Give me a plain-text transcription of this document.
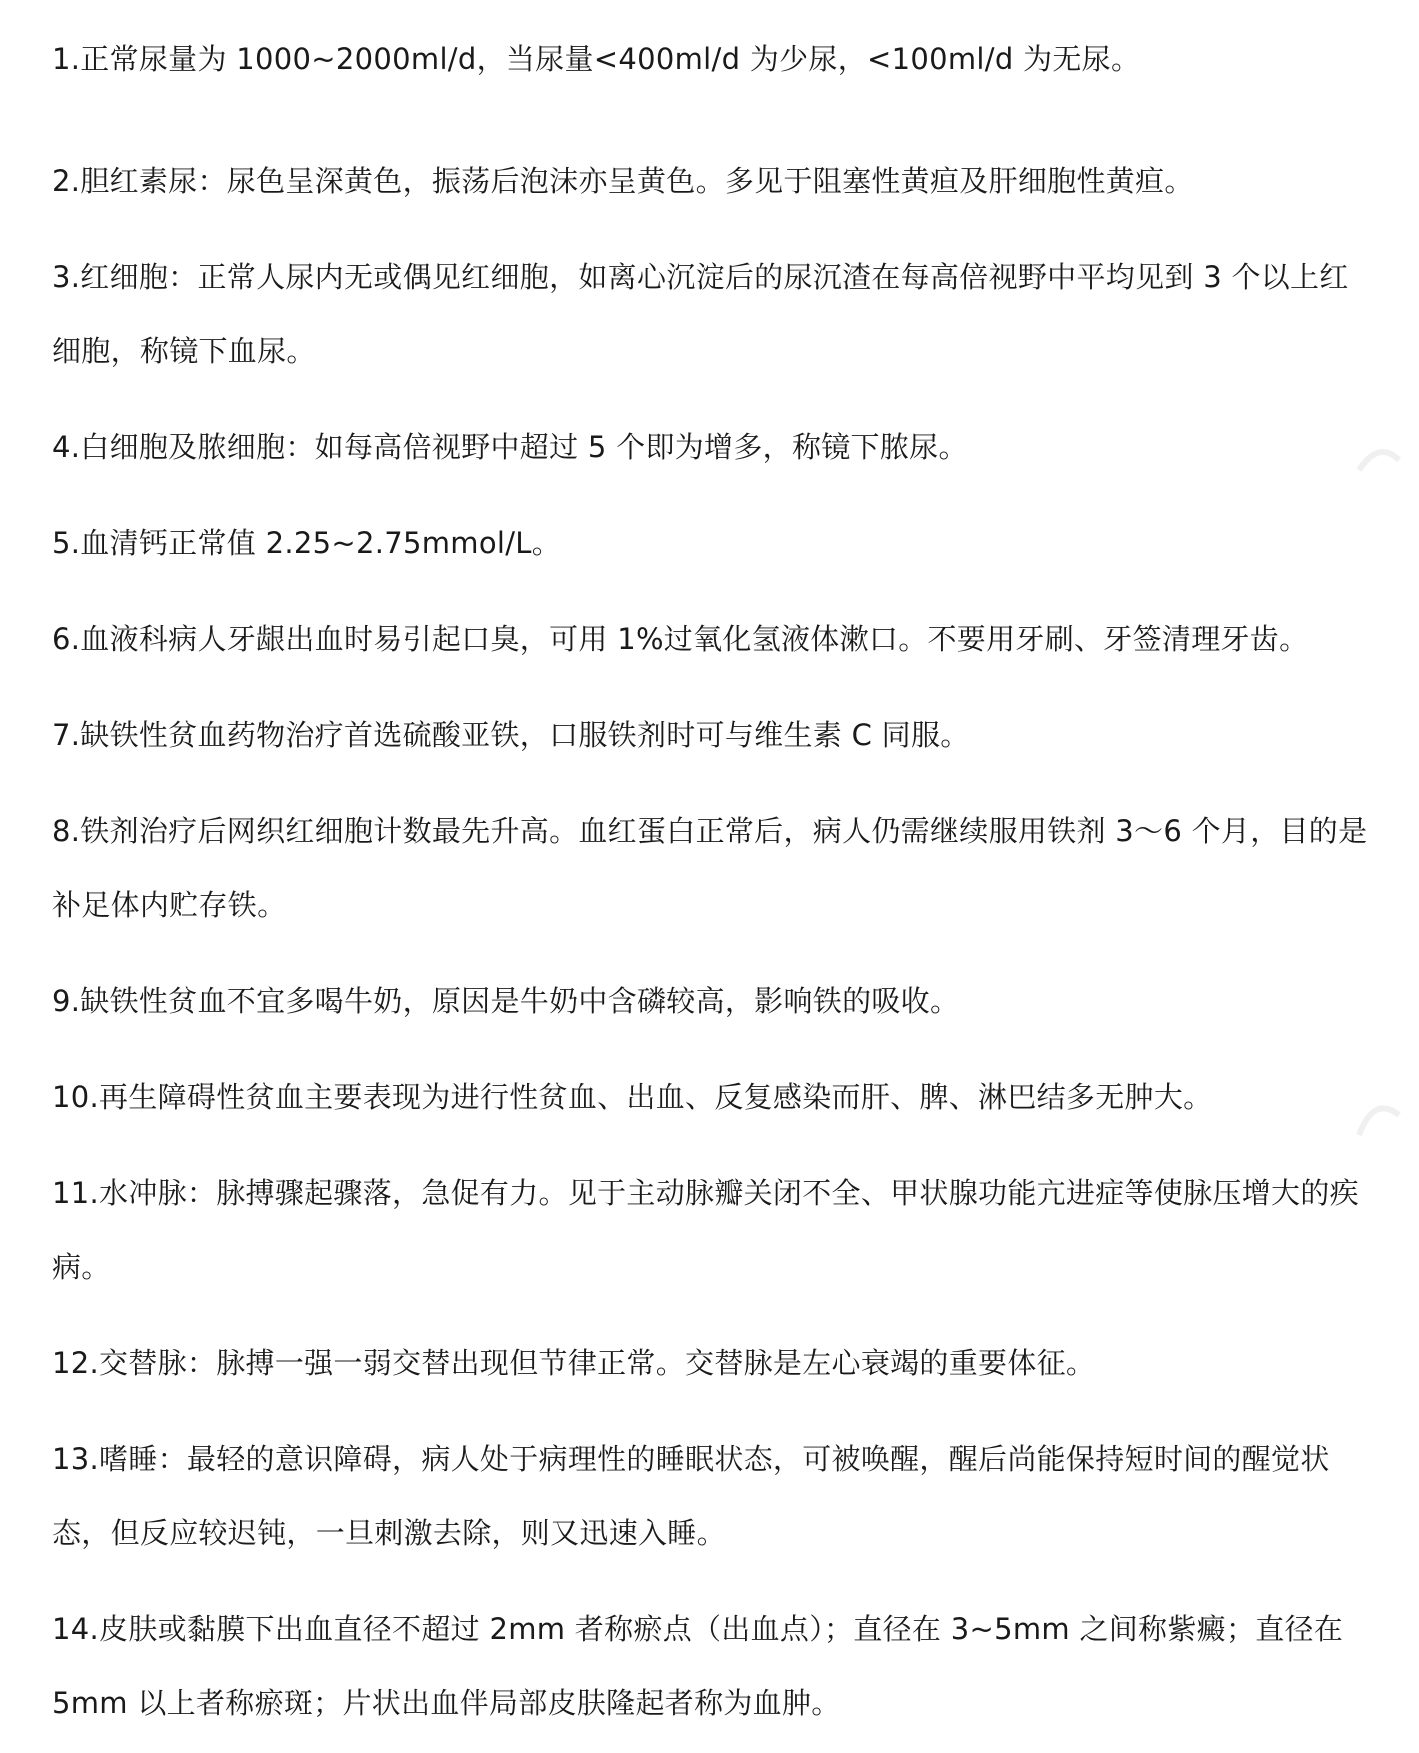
1.正常尿量为 1000~2000ml/d，当尿量<400ml/d 为少尿，<100ml/d 为无尿。

2.胆红素尿：尿色呈深黄色，振荡后泡沫亦呈黄色。多见于阻塞性黄疸及肝细胞性黄疸。

3.红细胞：正常人尿内无或偶见红细胞，如离心沉淀后的尿沉渣在每高倍视野中平均见到 3 个以上红细胞，称镜下血尿。

4.白细胞及脓细胞：如每高倍视野中超过 5 个即为增多，称镜下脓尿。

5.血清钙正常值 2.25~2.75mmol/L。

6.血液科病人牙龈出血时易引起口臭，可用 1%过氧化氢液体漱口。不要用牙刷、牙签清理牙齿。

7.缺铁性贫血药物治疗首选硫酸亚铁，口服铁剂时可与维生素 C 同服。

8.铁剂治疗后网织红细胞计数最先升高。血红蛋白正常后，病人仍需继续服用铁剂 3～6 个月，目的是补足体内贮存铁。

9.缺铁性贫血不宜多喝牛奶，原因是牛奶中含磷较高，影响铁的吸收。

10.再生障碍性贫血主要表现为进行性贫血、出血、反复感染而肝、脾、淋巴结多无肿大。

11.水冲脉：脉搏骤起骤落，急促有力。见于主动脉瓣关闭不全、甲状腺功能亢进症等使脉压增大的疾病。

12.交替脉：脉搏一强一弱交替出现但节律正常。交替脉是左心衰竭的重要体征。

13.嗜睡：最轻的意识障碍，病人处于病理性的睡眠状态，可被唤醒，醒后尚能保持短时间的醒觉状态，但反应较迟钝，一旦刺激去除，则又迅速入睡。

14.皮肤或黏膜下出血直径不超过 2mm 者称瘀点（出血点）；直径在 3~5mm 之间称紫癜；直径在 5mm 以上者称瘀斑；片状出血伴局部皮肤隆起者称为血肿。
